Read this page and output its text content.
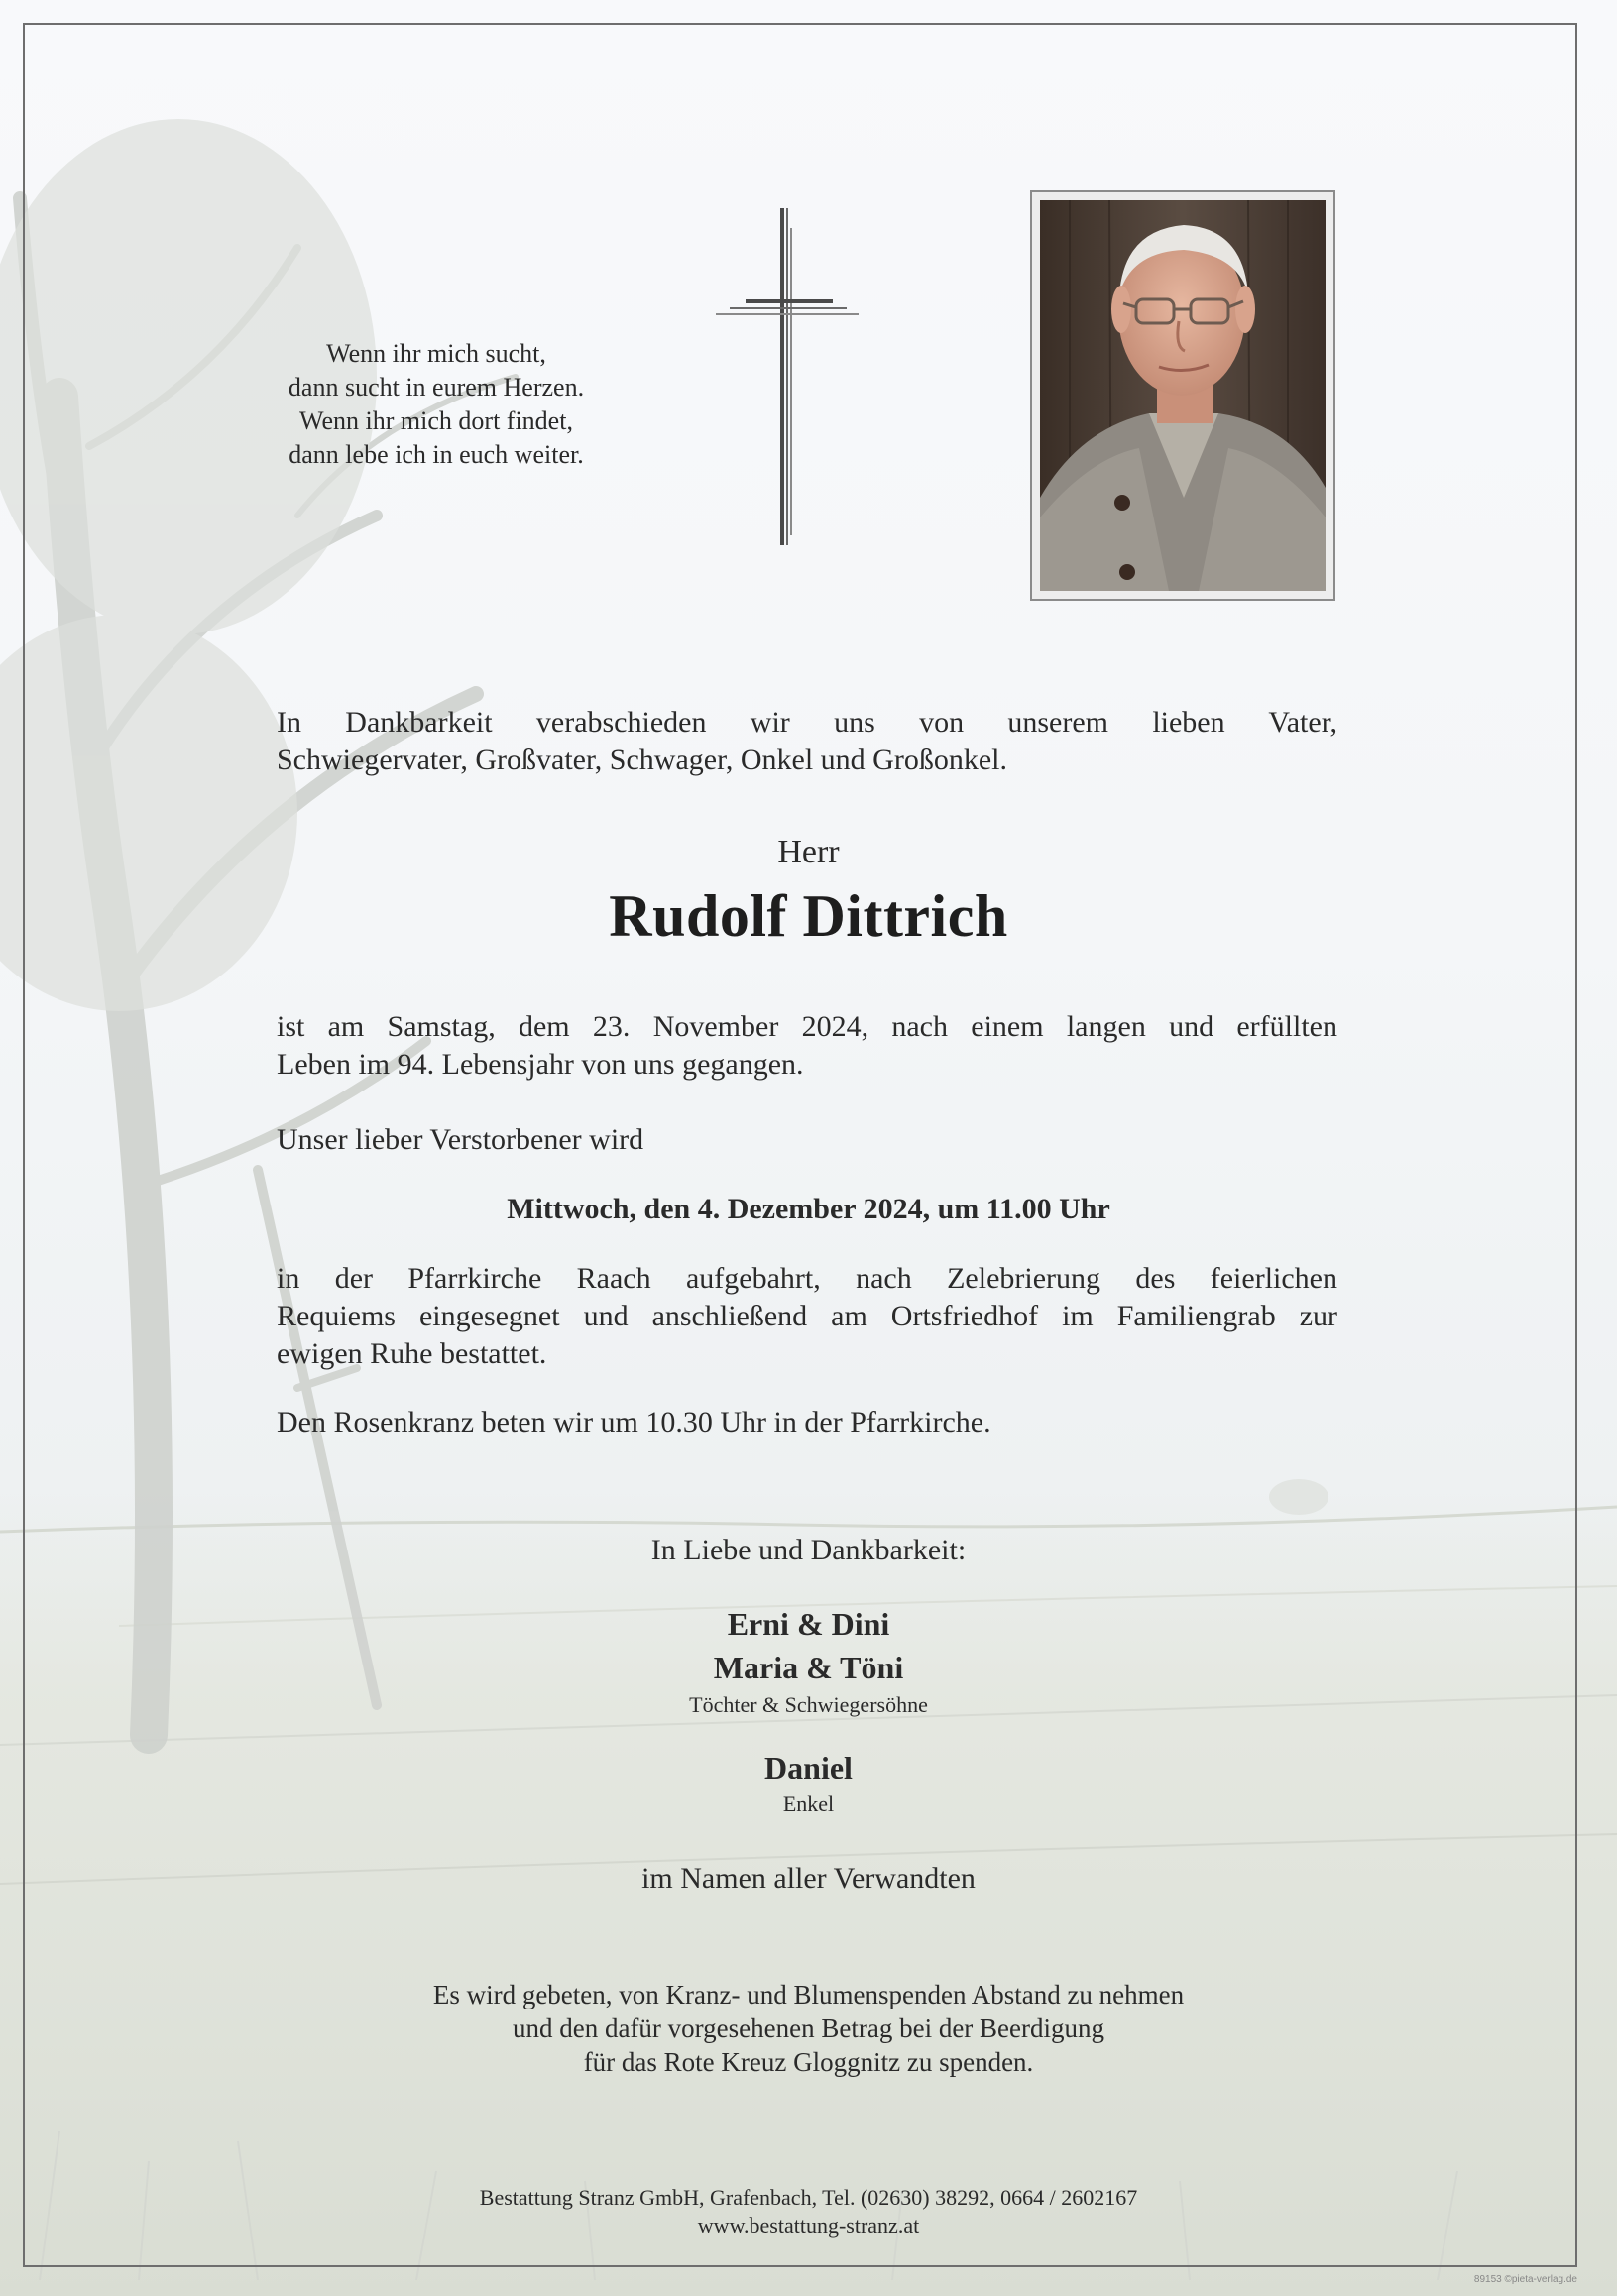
Wenn ihr mich sucht,
dann sucht in eurem Herzen.
Wenn ihr mich dort findet,
dann lebe ich in euch weiter.
In Dankbarkeit verabschieden wir uns von unserem lieben Vater,
Schwiegervater, Großvater, Schwager, Onkel und Großonkel.
Herr
Rudolf Dittrich
ist am Samstag, dem 23. November 2024, nach einem langen und erfüllten
Leben im 94. Lebensjahr von uns gegangen.
Unser lieber Verstorbener wird
Mittwoch, den 4. Dezember 2024, um 11.00 Uhr
in der Pfarrkirche Raach aufgebahrt, nach Zelebrierung des feierlichen
Requiems eingesegnet und anschließend am Ortsfriedhof im Familiengrab zur
ewigen Ruhe bestattet.
Den Rosenkranz beten wir um 10.30 Uhr in der Pfarrkirche.
In Liebe und Dankbarkeit:
Erni & Dini
Maria & Töni
Töchter & Schwiegersöhne
Daniel
Enkel
im Namen aller Verwandten
Es wird gebeten, von Kranz- und Blumenspenden Abstand zu nehmen
und den dafür vorgesehenen Betrag bei der Beerdigung
für das Rote Kreuz Gloggnitz zu spenden.
Bestattung Stranz GmbH, Grafenbach, Tel. (02630) 38292, 0664 / 2602167
www.bestattung-stranz.at
89153 ©pieta-verlag.de
